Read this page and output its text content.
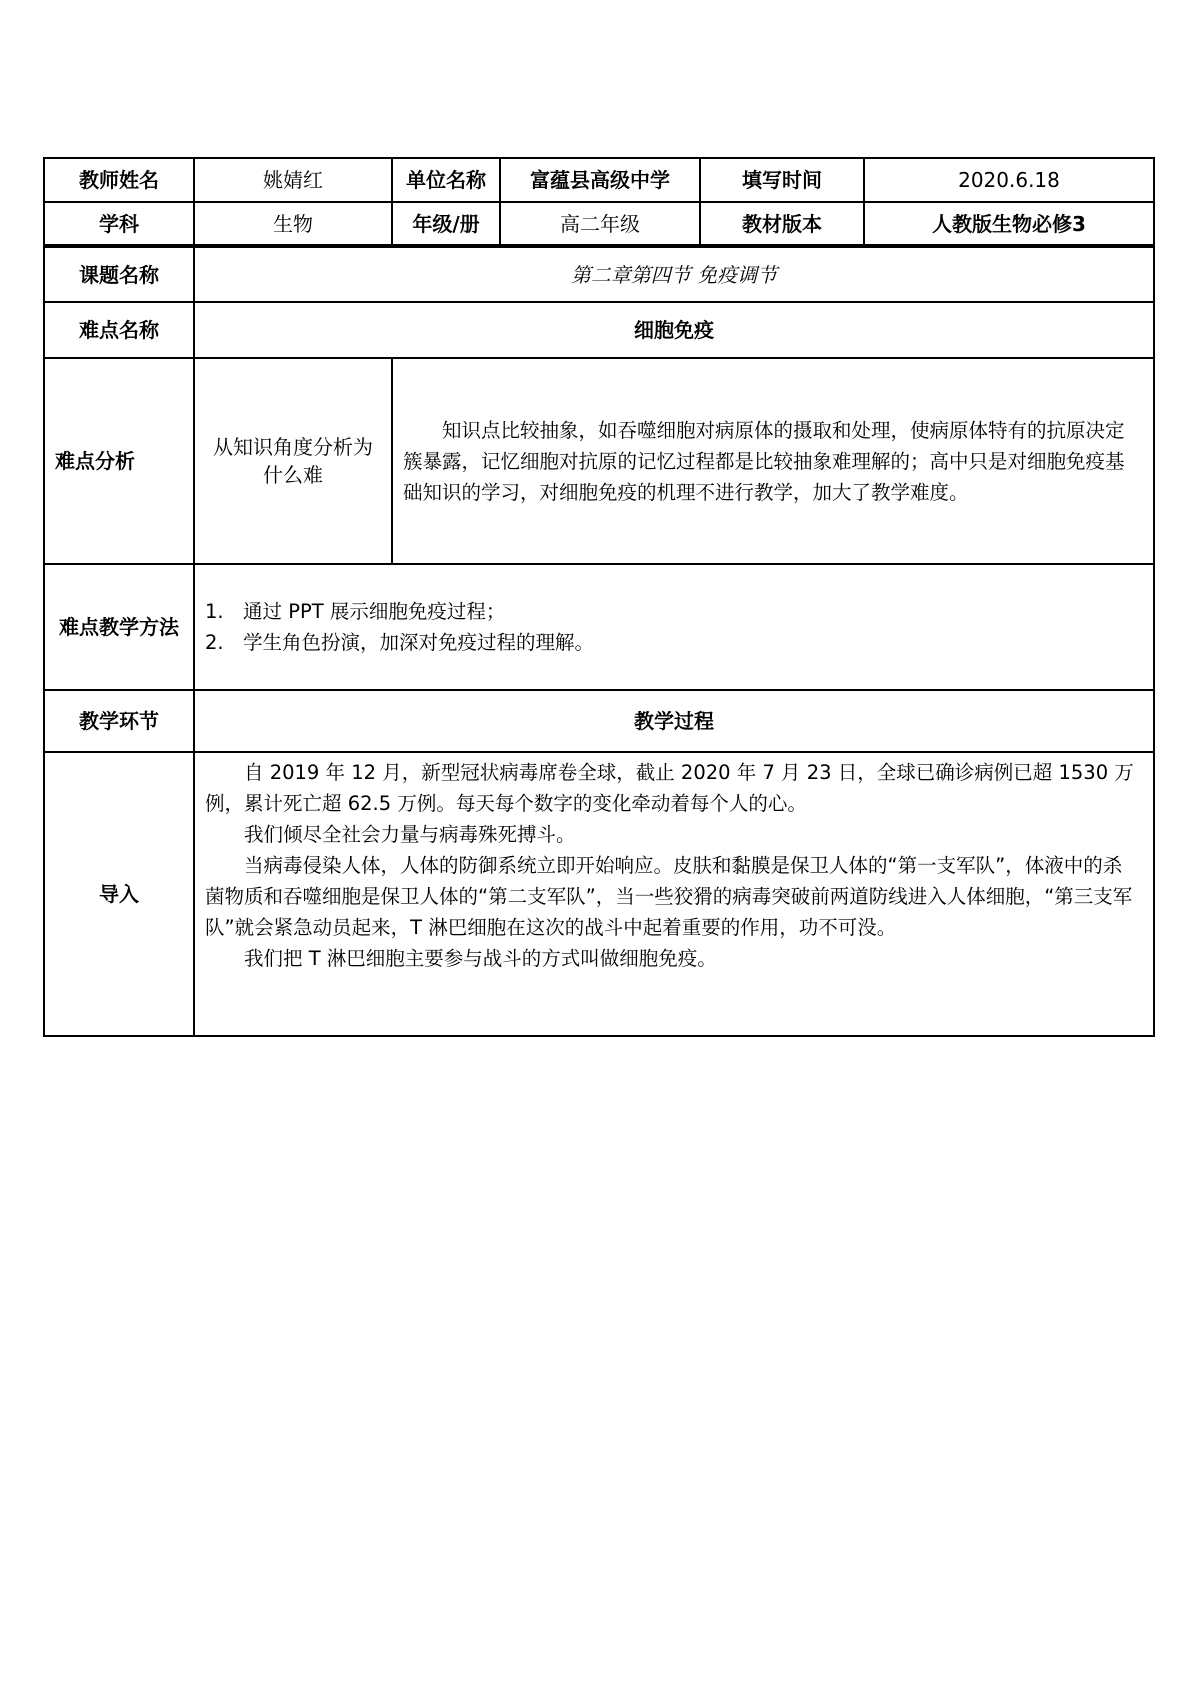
教师姓名	姚婧红	单位名称	富蕴县高级中学	填写时间	2020.6.18
学科	生物	年级/册	高二年级	教材版本	人教版生物必修3
课题名称	第二章第四节 免疫调节				
难点名称	细胞免疫				
难点分析	从知识角度分析为什么难	知识点比较抽象，如吞噬细胞对病原体的摄取和处理，使病原体特有的抗原决定簇暴露，记忆细胞对抗原的记忆过程都是比较抽象难理解的；高中只是对细胞免疫基础知识的学习，对细胞免疫的机理不进行教学，加大了教学难度。			

难点教学方法	1. 通过 PPT 展示细胞免疫过程；
2. 学生角色扮演，加深对免疫过程的理解。				

教学环节	教学过程				
导入	自 2019 年 12 月，新型冠状病毒席卷全球，截止 2020 年 7 月 23 日，全球已确诊病例已超 1530 万例，累计死亡超 62.5 万例。每天每个数字的变化牵动着每个人的心。

我们倾尽全社会力量与病毒殊死搏斗。

当病毒侵染人体，人体的防御系统立即开始响应。皮肤和黏膜是保卫人体的“第一支军队”，体液中的杀菌物质和吞噬细胞是保卫人体的“第二支军队”，当一些狡猾的病毒突破前两道防线进入人体细胞，“第三支军队”就会紧急动员起来，T 淋巴细胞在这次的战斗中起着重要的作用，功不可没。

我们把 T 淋巴细胞主要参与战斗的方式叫做细胞免疫。				
